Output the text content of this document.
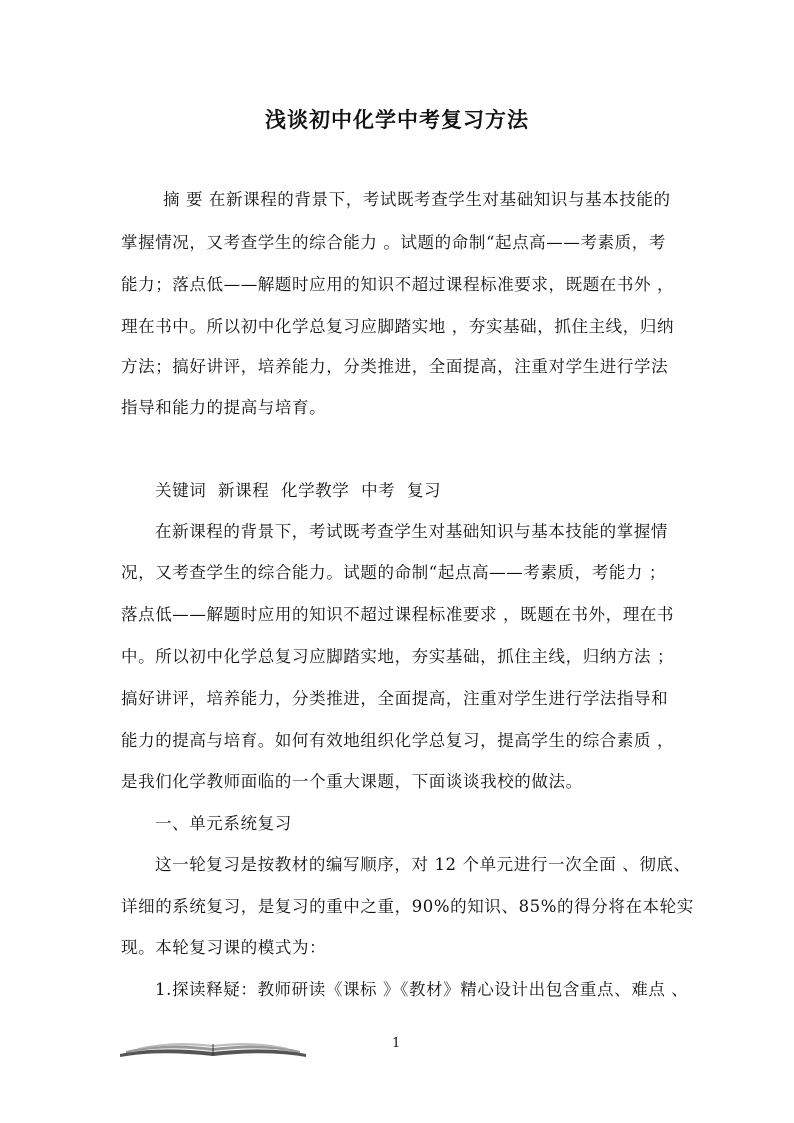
浅谈初中化学中考复习方法

摘 要 在新课程的背景下，考试既考查学生对基础知识与基本技能的

掌握情况，又考查学生的综合能力 。试题的命制“起点高——考素质，考

能力；落点低——解题时应用的知识不超过课程标准要求，既题在书外 ，

理在书中。所以初中化学总复习应脚踏实地 ，夯实基础，抓住主线，归纳

方法；搞好讲评，培养能力，分类推进，全面提高，注重对学生进行学法

指导和能力的提高与培育。

关键词  新课程  化学教学  中考  复习

在新课程的背景下，考试既考查学生对基础知识与基本技能的掌握情

况，又考查学生的综合能力。试题的命制“起点高——考素质，考能力 ；

落点低——解题时应用的知识不超过课程标准要求 ，既题在书外，理在书

中。所以初中化学总复习应脚踏实地，夯实基础，抓住主线，归纳方法 ；

搞好讲评，培养能力，分类推进，全面提高，注重对学生进行学法指导和

能力的提高与培育。如何有效地组织化学总复习，提高学生的综合素质 ，

是我们化学教师面临的一个重大课题，下面谈谈我校的做法。

一、单元系统复习

这一轮复习是按教材的编写顺序，对 12 个单元进行一次全面 、彻底、

详细的系统复习，是复习的重中之重，90%的知识、85%的得分将在本轮实

现。本轮复习课的模式为：

1.探读释疑：教师研读《课标 》《教材》精心设计出包含重点、难点 、

1
